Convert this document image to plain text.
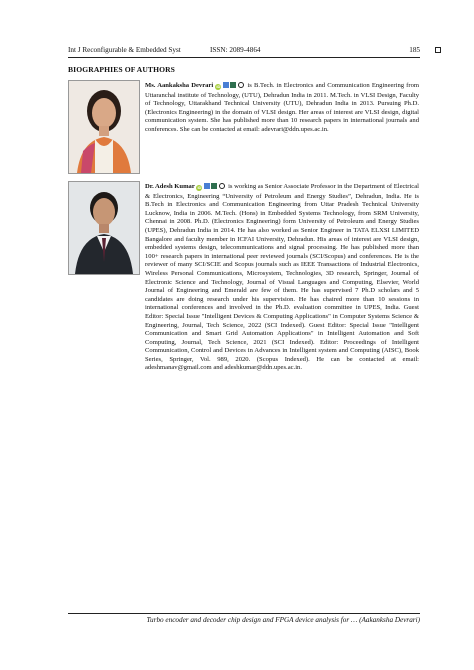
Int J Reconfigurable & Embedded Syst	ISSN: 2089-4864	185
BIOGRAPHIES OF AUTHORS
Ms. Aankaksha Devrari iD	is B.Tech. in Electronics and Communication Engineering from Uttaranchal institute of Technology, (UTU), Dehradun India in 2011. M.Tech. in VLSI Design, Faculty of Technology, Uttarakhand Technical University (UTU), Dehradun India in 2013. Pursuing Ph.D. (Electronics Engineering) in the domain of VLSI design. Her areas of interest are VLSI design, digital communication system. She has published more than 10 research papers in international journals and conferences. She can be contacted at email: adevrari@ddn.upes.ac.in.
Dr. Adesh Kumar iD	is working as Senior Associate Professor in the Department of Electrical & Electronics, Engineering “University of Petroleum and Energy Studies”, Dehradun, India. He is B.Tech in Electronics and Communication Engineering from Uttar Pradesh Technical University Lucknow, India in 2006. M.Tech. (Hons) in Embedded Systems Technology, from SRM University, Chennai in 2008. Ph.D. (Electronics Engineering) form University of Petroleum and Energy Studies (UPES), Dehradun India in 2014. He has also worked as Senior Engineer in TATA ELXSI LIMITED Bangalore and faculty member in ICFAI University, Dehradun. His areas of interest are VLSI design, embedded systems design, telecommunications and signal processing. He has published more than 100+ research papers in international peer reviewed journals (SCI/Scopus) and conferences. He is the reviewer of many SCI/SCIE and Scopus journals such as IEEE Transactions of Industrial Electronics, Wireless Personal Communications, Microsystem, Technologies, 3D research, Springer, Journal of Electronic Science and Technology, Journal of Visual Languages and Computing, Elsevier, World Journal of Engineering and Emerald are few of them. He has supervised 7 Ph.D scholars and 5 candidates are doing research under his supervision. He has chaired more than 10 sessions in international conferences and involved in the Ph.D. evaluation committee in UPES, India. Guest Editor: Special Issue "Intelligent Devices & Computing Applications" in Computer Systems Science & Engineering, Journal, Tech Science, 2022 (SCI Indexed). Guest Editor: Special Issue "Intelligent Communication and Smart Grid Automation Applications" in Intelligent Automation and Soft Computing, Journal, Tech Science, 2021 (SCI Indexed). Editor: Proceedings of Intelligent Communication, Control and Devices in Advances in Intelligent system and Computing (AISC), Book Series, Springer, Vol. 989, 2020. (Scopus Indexed). He can be contacted at email: adeshmanav@gmail.com and adeshkumar@ddn.upes.ac.in.
Turbo encoder and decoder chip design and FPGA device analysis for … (Aakanksha Devrari)
